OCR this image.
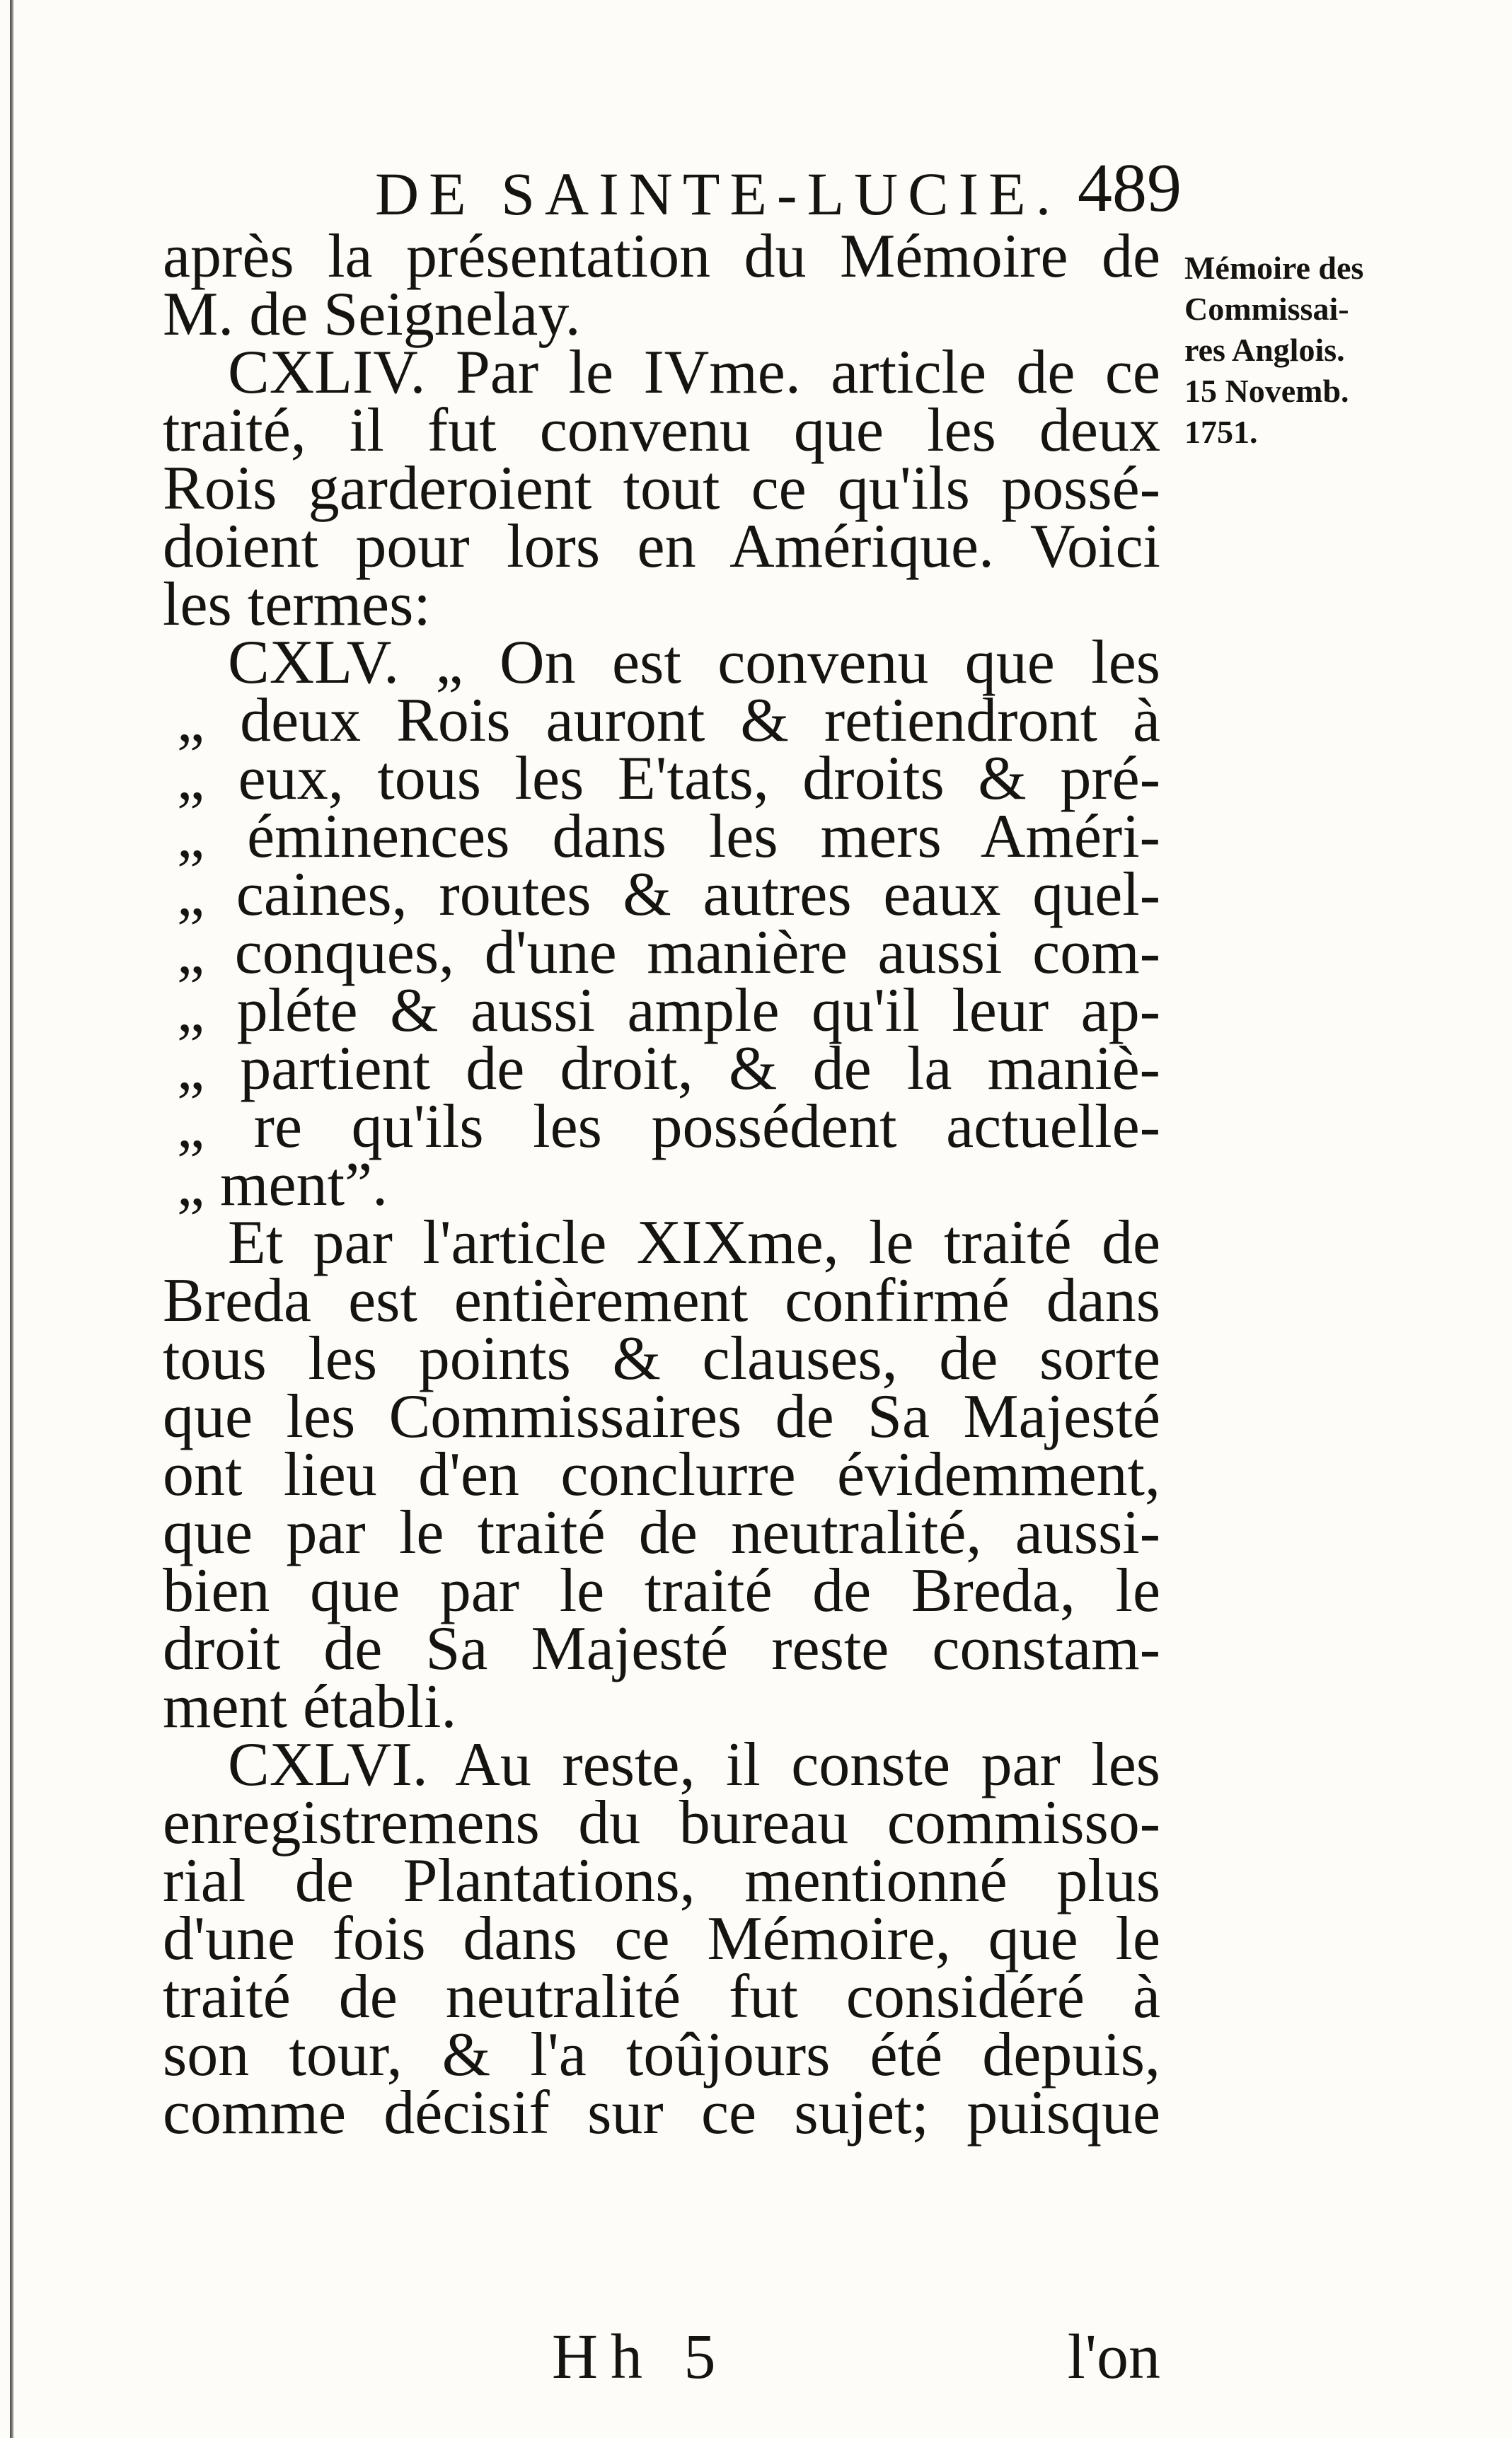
DE SAINTE-LUCIE. 489
Mémoire des
Commissai-
res Anglois.
15 Novemb.
1751.
après la présentation du Mémoire de
M. de Seignelay.
CXLIV. Par le IVme. article de ce
traité, il fut convenu que les deux
Rois garderoient tout ce qu'ils possé-
doient pour lors en Amérique. Voici
les termes:
CXLV. „ On est convenu que les
„ deux Rois auront & retiendront à
„ eux, tous les E'tats, droits & pré-
„ éminences dans les mers Améri-
„ caines, routes & autres eaux quel-
„ conques, d'une manière aussi com-
„ pléte & aussi ample qu'il leur ap-
„ partient de droit, & de la maniè-
„ re qu'ils les possédent actuelle-
„ ment”.
Et par l'article XIXme, le traité de
Breda est entièrement confirmé dans
tous les points & clauses, de sorte
que les Commissaires de Sa Majesté
ont lieu d'en conclurre évidemment,
que par le traité de neutralité, aussi-
bien que par le traité de Breda, le
droit de Sa Majesté reste constam-
ment établi.
CXLVI. Au reste, il conste par les
enregistremens du bureau commisso-
rial de Plantations, mentionné plus
d'une fois dans ce Mémoire, que le
traité de neutralité fut considéré à
son tour, & l'a toûjours été depuis,
comme décisif sur ce sujet; puisque
Hh 5	l'on
